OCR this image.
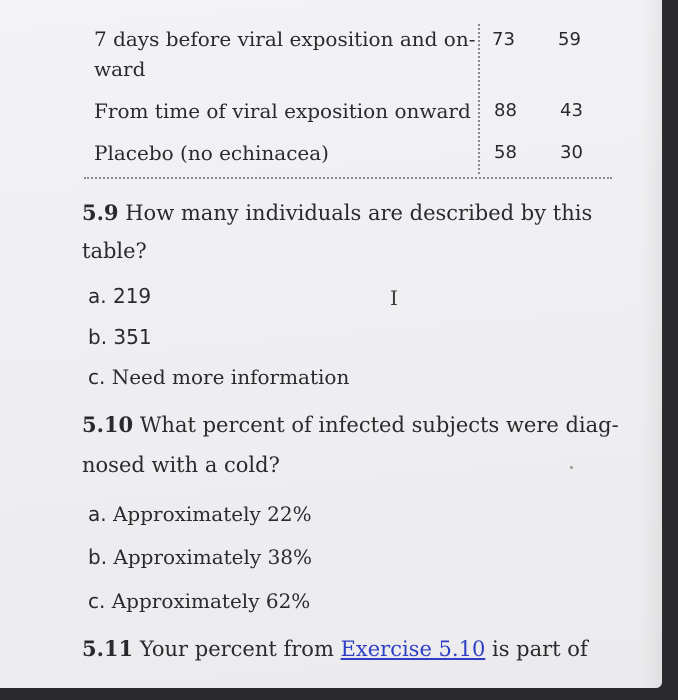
7 days before viral exposition and on-
ward
73 59
From time of viral exposition onward 88 43
Placebo (no echinacea)	58 30
5.9 How many individuals are described by this
table?
a. 219	I
b. 351
c. Need more information
5.10 What percent of infected subjects were diag-
nosed with a cold?
a. Approximately 22%
b. Approximately 38%
c. Approximately 62%
5.11 Your percent from Exercise 5.10 is part of
